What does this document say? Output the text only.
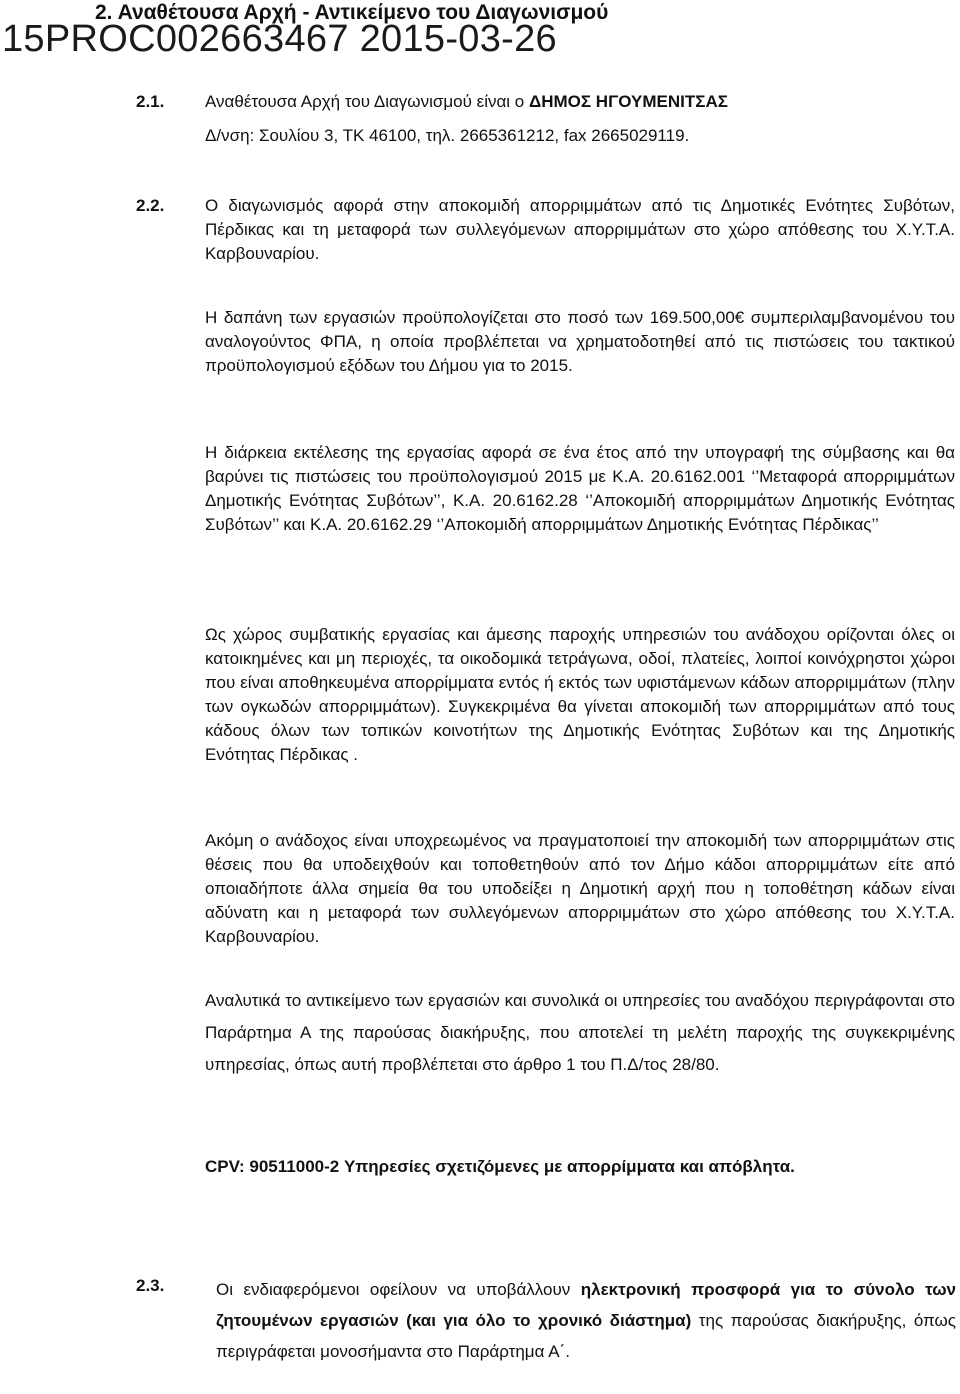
2. Αναθέτουσα Αρχή - Αντικείμενο του Διαγωνισμού
15PROC002663467 2015-03-26
2.1. Αναθέτουσα Αρχή του Διαγωνισμού είναι ο ΔΗΜΟΣ ΗΓΟΥΜΕΝΙΤΣΑΣ
Δ/νση: Σουλίου 3, ΤΚ 46100, τηλ. 2665361212, fax 2665029119.
2.2. Ο διαγωνισμός αφορά στην αποκομιδή απορριμμάτων από τις Δημοτικές Ενότητες Συβότων, Πέρδικας και τη μεταφορά των συλλεγόμενων απορριμμάτων στο χώρο απόθεσης του Χ.Υ.Τ.Α. Καρβουναρίου.
Η δαπάνη των εργασιών προϋπολογίζεται στο ποσό των 169.500,00€ συμπεριλαμβανομένου του αναλογούντος ΦΠΑ, η οποία προβλέπεται να χρηματοδοτηθεί από τις πιστώσεις του τακτικού προϋπολογισμού εξόδων του Δήμου για το 2015.
Η διάρκεια εκτέλεσης της εργασίας αφορά σε ένα έτος από την υπογραφή της σύμβασης και θα βαρύνει τις πιστώσεις του προϋπολογισμού 2015 με Κ.Α. 20.6162.001 ‘’Μεταφορά απορριμμάτων Δημοτικής Ενότητας Συβότων’’, Κ.Α. 20.6162.28 ‘’Αποκομιδή απορριμμάτων Δημοτικής Ενότητας Συβότων’’ και Κ.Α. 20.6162.29 ‘’Αποκομιδή απορριμμάτων Δημοτικής Ενότητας Πέρδικας’’
Ως χώρος συμβατικής εργασίας και άμεσης παροχής υπηρεσιών του ανάδοχου ορίζονται όλες οι κατοικημένες και μη περιοχές, τα οικοδομικά τετράγωνα, οδοί, πλατείες, λοιποί κοινόχρηστοι χώροι που είναι αποθηκευμένα απορρίμματα εντός ή εκτός των υφιστάμενων κάδων απορριμμάτων (πλην των ογκωδών απορριμμάτων). Συγκεκριμένα θα γίνεται αποκομιδή των απορριμμάτων από τους κάδους όλων των τοπικών κοινοτήτων της Δημοτικής Ενότητας Συβότων και της Δημοτικής Ενότητας Πέρδικας .
Ακόμη ο ανάδοχος είναι υποχρεωμένος να πραγματοποιεί την αποκομιδή των απορριμμάτων στις θέσεις που θα υποδειχθούν και τοποθετηθούν από τον Δήμο κάδοι απορριμμάτων είτε από οποιαδήποτε άλλα σημεία θα του υποδείξει η Δημοτική αρχή που η τοποθέτηση κάδων είναι αδύνατη και η μεταφορά των συλλεγόμενων απορριμμάτων στο χώρο απόθεσης του Χ.Υ.Τ.Α. Καρβουναρίου.
Αναλυτικά το αντικείμενο των εργασιών και συνολικά οι υπηρεσίες του αναδόχου περιγράφονται στο Παράρτημα Α της παρούσας διακήρυξης, που αποτελεί τη μελέτη παροχής της συγκεκριμένης υπηρεσίας, όπως αυτή προβλέπεται στο άρθρο 1 του Π.Δ/τος 28/80.
CPV: 90511000-2 Υπηρεσίες σχετιζόμενες με απορρίμματα και απόβλητα.
2.3.	Οι ενδιαφερόμενοι οφείλουν να υποβάλλουν ηλεκτρονική προσφορά για το σύνολο των ζητουμένων εργασιών (και για όλο το χρονικό διάστημα) της παρούσας διακήρυξης, όπως περιγράφεται μονοσήμαντα στο Παράρτημα Α΄.
